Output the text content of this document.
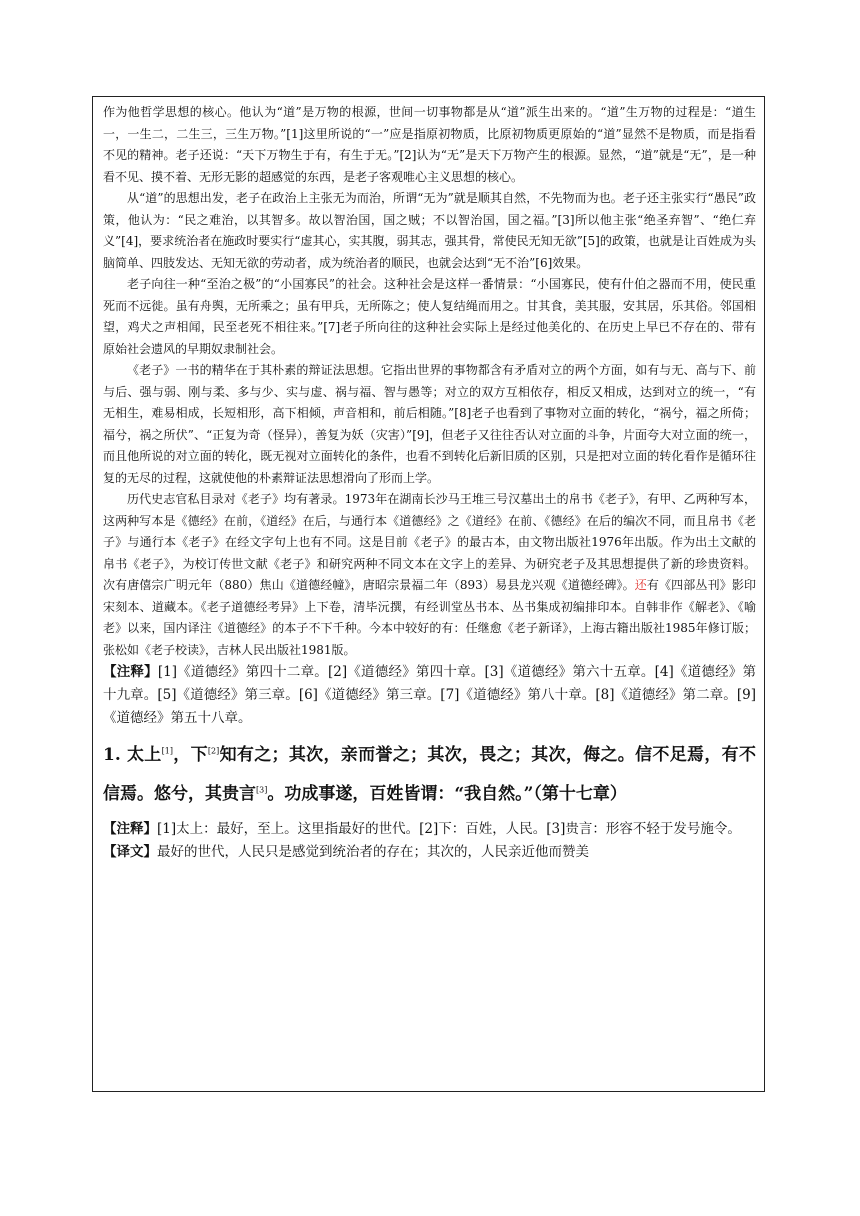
作为他哲学思想的核心。他认为“道”是万物的根源，世间一切事物都是从“道”派生出来的。“道”生万物的过程是：“道生一，一生二，二生三，三生万物。”[1]这里所说的“一”应是指原初物质，比原初物质更原始的“道”显然不是物质，而是指看不见的精神。老子还说：“天下万物生于有，有生于无。”[2]认为“无”是天下万物产生的根源。显然，“道”就是“无”，是一种看不见、摸不着、无形无影的超感觉的东西，是老子客观唯心主义思想的核心。

从“道”的思想出发，老子在政治上主张无为而治，所谓“无为”就是顺其自然，不先物而为也。老子还主张实行“愚民”政策，他认为：“民之难治，以其智多。故以智治国，国之贼；不以智治国，国之福。”[3]所以他主张“绝圣弃智”、“绝仁弃义”[4]，要求统治者在施政时要实行“虚其心，实其腹，弱其志，强其骨，常使民无知无欲”[5]的政策，也就是让百姓成为头脑简单、四肢发达、无知无欲的劳动者，成为统治者的顺民，也就会达到“无不治”[6]效果。

老子向往一种“至治之极”的“小国寡民”的社会。这种社会是这样一番情景：“小国寡民，使有什伯之器而不用，使民重死而不远徙。虽有舟舆，无所乘之；虽有甲兵，无所陈之；使人复结绳而用之。甘其食，美其服，安其居，乐其俗。邻国相望，鸡犬之声相闻，民至老死不相往来。”[7]老子所向往的这种社会实际上是经过他美化的、在历史上早已不存在的、带有原始社会遗风的早期奴隶制社会。

《老子》一书的精华在于其朴素的辩证法思想。它指出世界的事物都含有矛盾对立的两个方面，如有与无、高与下、前与后、强与弱、刚与柔、多与少、实与虚、祸与福、智与愚等；对立的双方互相依存，相反又相成，达到对立的统一，“有无相生，难易相成，长短相形，高下相倾，声音相和，前后相随。”[8]老子也看到了事物对立面的转化，“祸兮，福之所倚；福兮，祸之所伏”、“正复为奇（怪异），善复为妖（灾害）”[9]，但老子又往往否认对立面的斗争，片面夸大对立面的统一，而且他所说的对立面的转化，既无视对立面转化的条件，也看不到转化后新旧质的区别，只是把对立面的转化看作是循环往复的无尽的过程，这就使他的朴素辩证法思想滑向了形而上学。

历代史志官私目录对《老子》均有著录。1973年在湖南长沙马王堆三号汉墓出土的帛书《老子》，有甲、乙两种写本，这两种写本是《德经》在前，《道经》在后，与通行本《道德经》之《道经》在前、《德经》在后的编次不同，而且帛书《老子》与通行本《老子》在经文字句上也有不同。这是目前《老子》的最古本，由文物出版社1976年出版。作为出土文献的帛书《老子》，为校订传世文献《老子》和研究两种不同文本在文字上的差异、为研究老子及其思想提供了新的珍贵资料。次有唐僖宗广明元年（880）焦山《道德经幢》，唐昭宗景福二年（893）易县龙兴观《道德经碑》。还有《四部丛刊》影印宋刻本、道藏本。《老子道德经考异》上下卷，清毕沅撰，有经训堂丛书本、丛书集成初编排印本。自韩非作《解老》、《喻老》以来，国内译注《道德经》的本子不下千种。今本中较好的有：任继愈《老子新译》，上海古籍出版社1985年修订版；张松如《老子校读》，吉林人民出版社1981版。

【注释】[1]《道德经》第四十二章。[2]《道德经》第四十章。[3]《道德经》第六十五章。[4]《道德经》第十九章。[5]《道德经》第三章。[6]《道德经》第三章。[7]《道德经》第八十章。[8]《道德经》第二章。[9]《道德经》第五十八章。

1. 太上[1]，下[2]知有之；其次，亲而誉之；其次，畏之；其次，侮之。信不足焉，有不信焉。悠兮，其贵言[3]。功成事遂，百姓皆谓：“我自然。”（第十七章）

【注释】[1]太上：最好，至上。这里指最好的世代。[2]下：百姓，人民。[3]贵言：形容不轻于发号施令。

【译文】最好的世代，人民只是感觉到统治者的存在；其次的，人民亲近他而赞美
